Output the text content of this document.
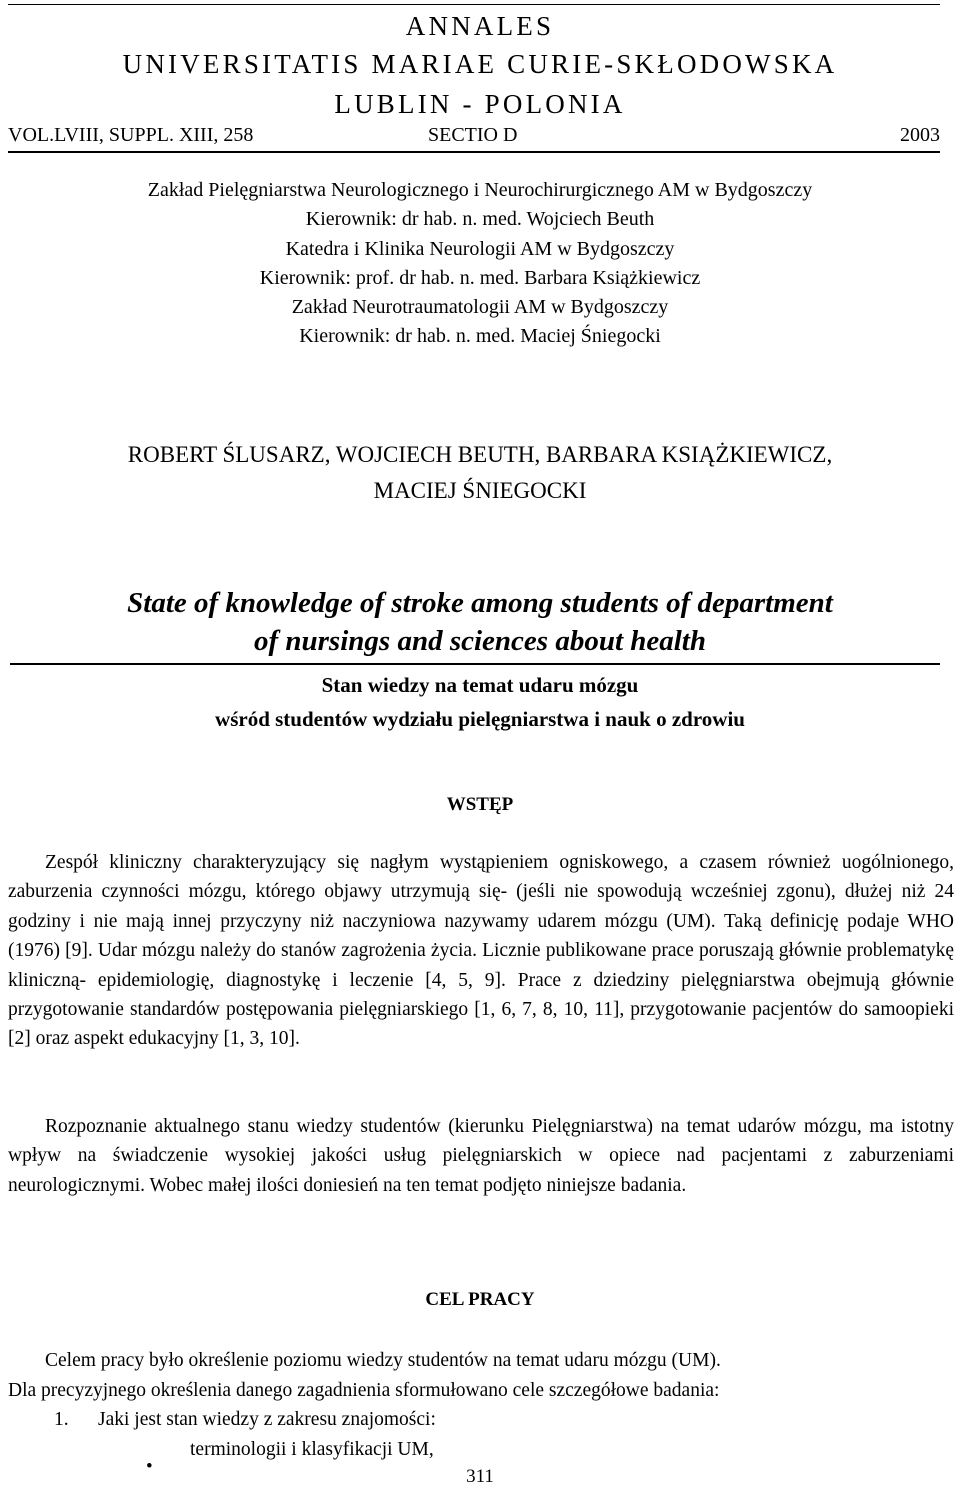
ANNALES
UNIVERSITATIS MARIAE CURIE-SKŁODOWSKA
LUBLIN - POLONIA
VOL.LVIII, SUPPL. XIII, 258	SECTIO D	2003
Zakład Pielęgniarstwa Neurologicznego i Neurochirurgicznego AM w Bydgoszczy
Kierownik: dr hab. n. med. Wojciech Beuth
Katedra i Klinika Neurologii AM w Bydgoszczy
Kierownik: prof. dr hab. n. med. Barbara Książkiewicz
Zakład Neurotraumatologii AM w Bydgoszczy
Kierownik: dr hab. n. med. Maciej Śniegocki
ROBERT ŚLUSARZ, WOJCIECH BEUTH, BARBARA KSIĄŻKIEWICZ,
MACIEJ ŚNIEGOCKI
State of knowledge of stroke among students of department
of nursings and sciences about health
Stan wiedzy na temat udaru mózgu
wśród studentów wydziału pielęgniarstwa i nauk o zdrowiu
WSTĘP
Zespół kliniczny charakteryzujący się nagłym wystąpieniem ogniskowego, a czasem również uogólnionego, zaburzenia czynności mózgu, którego objawy utrzymują się- (jeśli nie spowodują wcześniej zgonu), dłużej niż 24 godziny i nie mają innej przyczyny niż naczyniowa nazywamy udarem mózgu (UM). Taką definicję podaje WHO (1976) [9]. Udar mózgu należy do stanów zagrożenia życia. Licznie publikowane prace poruszają głównie problematykę kliniczną- epidemiologię, diagnostykę i leczenie [4, 5, 9]. Prace z dziedziny pielęgniarstwa obejmują głównie przygotowanie standardów postępowania pielęgniarskiego [1, 6, 7, 8, 10, 11], przygotowanie pacjentów do samoopieki [2] oraz aspekt edukacyjny [1, 3, 10].
Rozpoznanie aktualnego stanu wiedzy studentów (kierunku Pielęgniarstwa) na temat udarów mózgu, ma istotny wpływ na świadczenie wysokiej jakości usług pielęgniarskich w opiece nad pacjentami z zaburzeniami neurologicznymi. Wobec małej ilości doniesień na ten temat podjęto niniejsze badania.
CEL PRACY
Celem pracy było określenie poziomu wiedzy studentów na temat udaru mózgu (UM).
Dla precyzyjnego określenia danego zagadnienia sformułowano cele szczegółowe badania:
1. Jaki jest stan wiedzy z zakresu znajomości:
•
terminologii i klasyfikacji UM,
311
